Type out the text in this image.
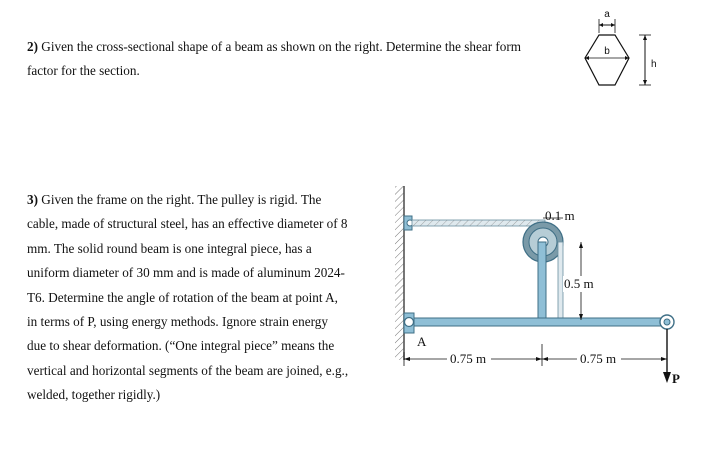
2) Given the cross-sectional shape of a beam as shown on the right. Determine the shear form
factor for the section.
a
b
h
3) Given the frame on the right. The pulley is rigid. The
cable, made of structural steel, has an effective diameter of 8
mm. The solid round beam is one integral piece, has a
uniform diameter of 30 mm and is made of aluminum 2024-
T6. Determine the angle of rotation of the beam at point A,
in terms of P, using energy methods. Ignore strain energy
due to shear deformation. (“One integral piece” means the
vertical and horizontal segments of the beam are joined, e.g.,
welded, together rigidly.)
A
P
0.1 m
0.5 m
0.75 m	0.75 m
